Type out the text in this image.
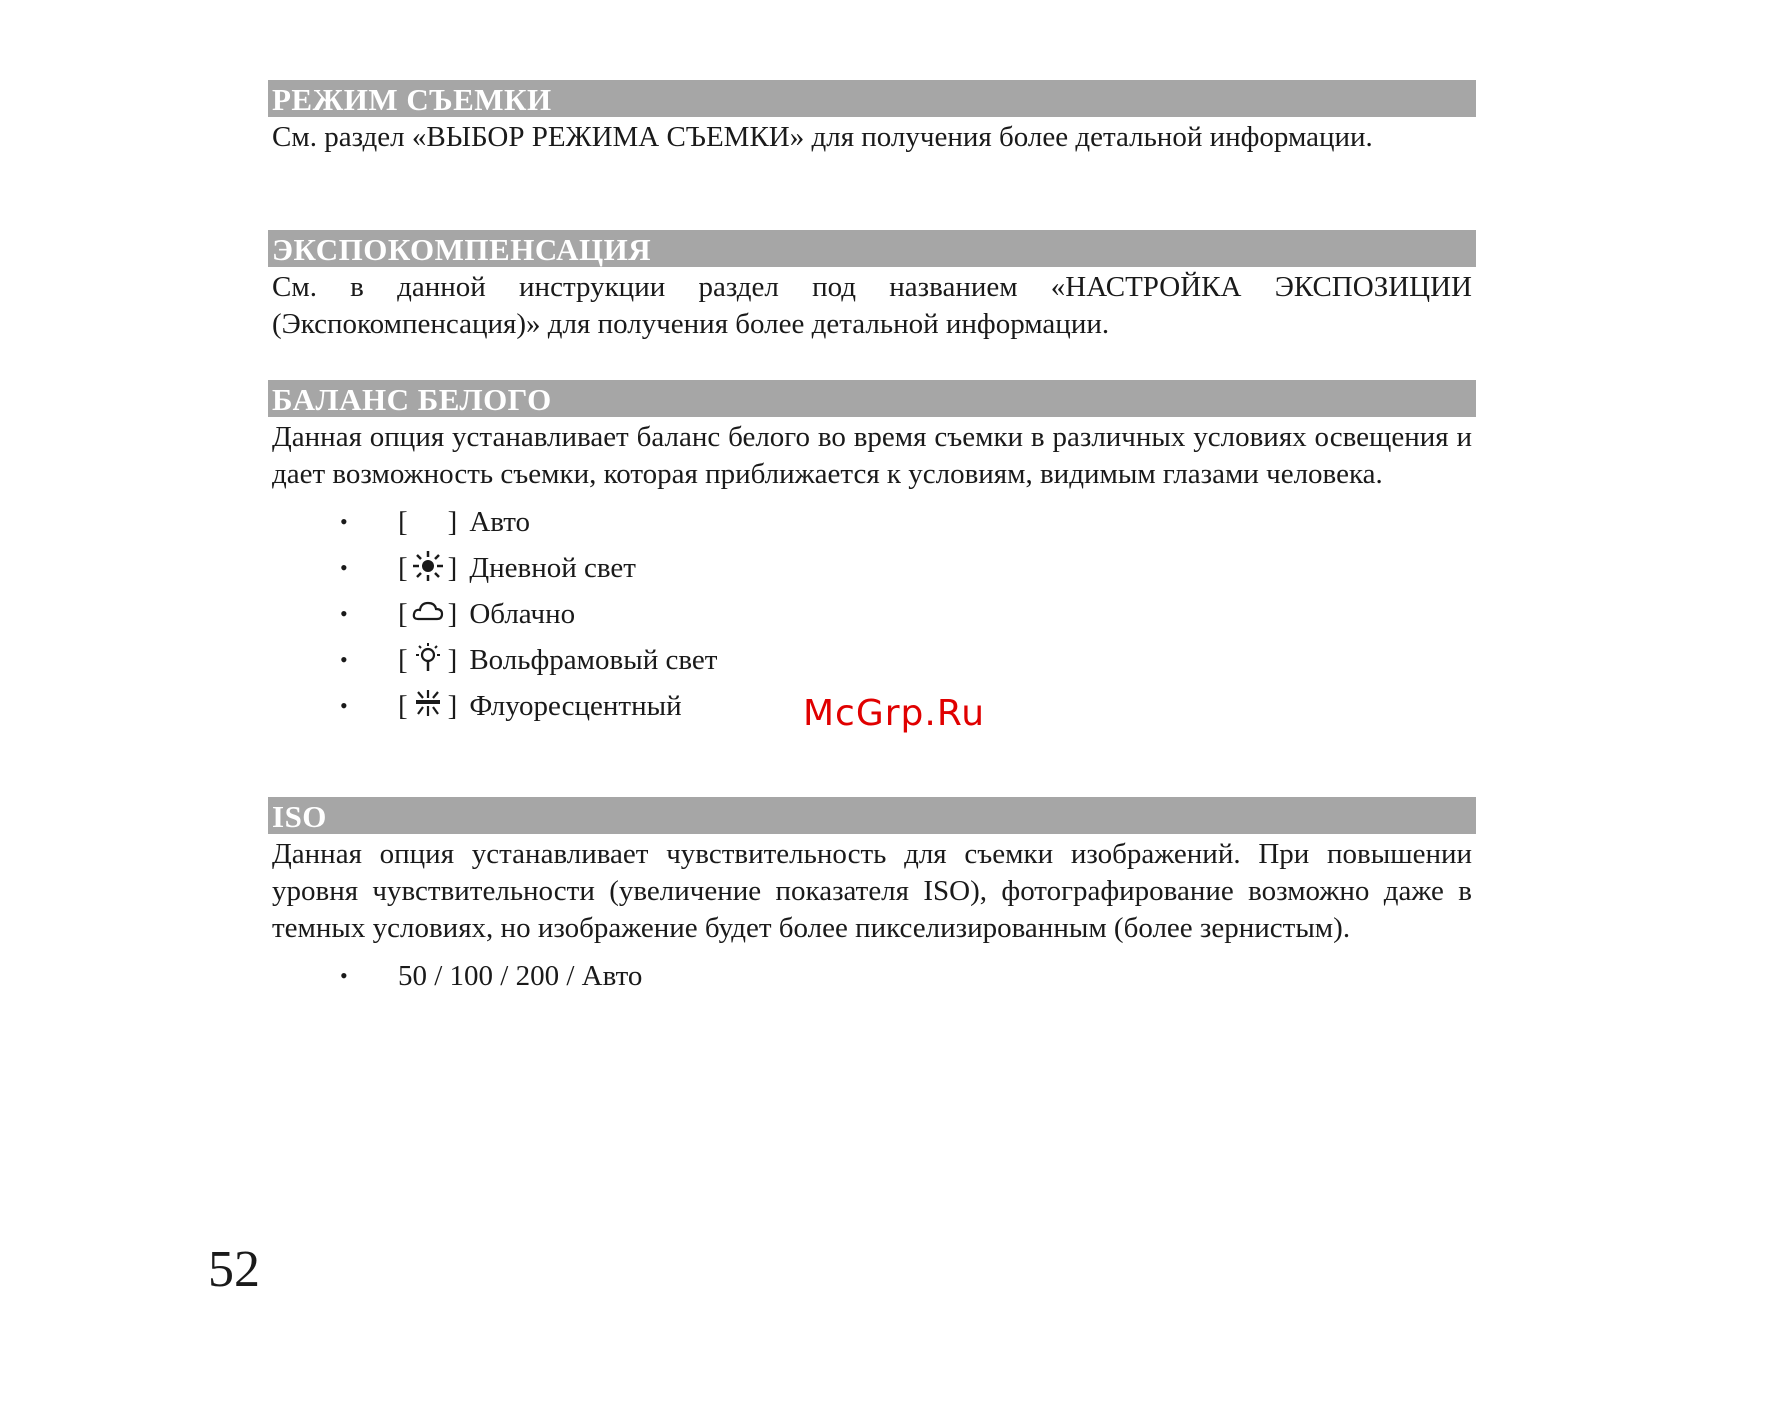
РЕЖИМ СЪЕМКИ

См. раздел «ВЫБОР РЕЖИМА СЪЕМКИ» для получения более детальной информации.

ЭКСПОКОМПЕНСАЦИЯ

См. в данной инструкции раздел под названием «НАСТРОЙКА ЭКСПОЗИЦИИ (Экспокомпенсация)» для получения более детальной информации.

БАЛАНС БЕЛОГО

Данная опция устанавливает баланс белого во время съемки в различных условиях освещения и дает возможность съемки, которая приближается к условиям, видимым глазами человека.

• [ ] Авто
• [ ] Дневной свет
• [ ] Облачно
• [ ] Вольфрамовый свет
• [ ] Флуоресцентный
ISO

Данная опция устанавливает чувствительность для съемки изображений. При повышении уровня чувствительности (увеличение показателя ISO), фотографирование возможно даже в темных условиях, но изображение будет более пикселизированным (более зернистым).

• 50 / 100 / 200 / Авто
McGrp.Ru
52
